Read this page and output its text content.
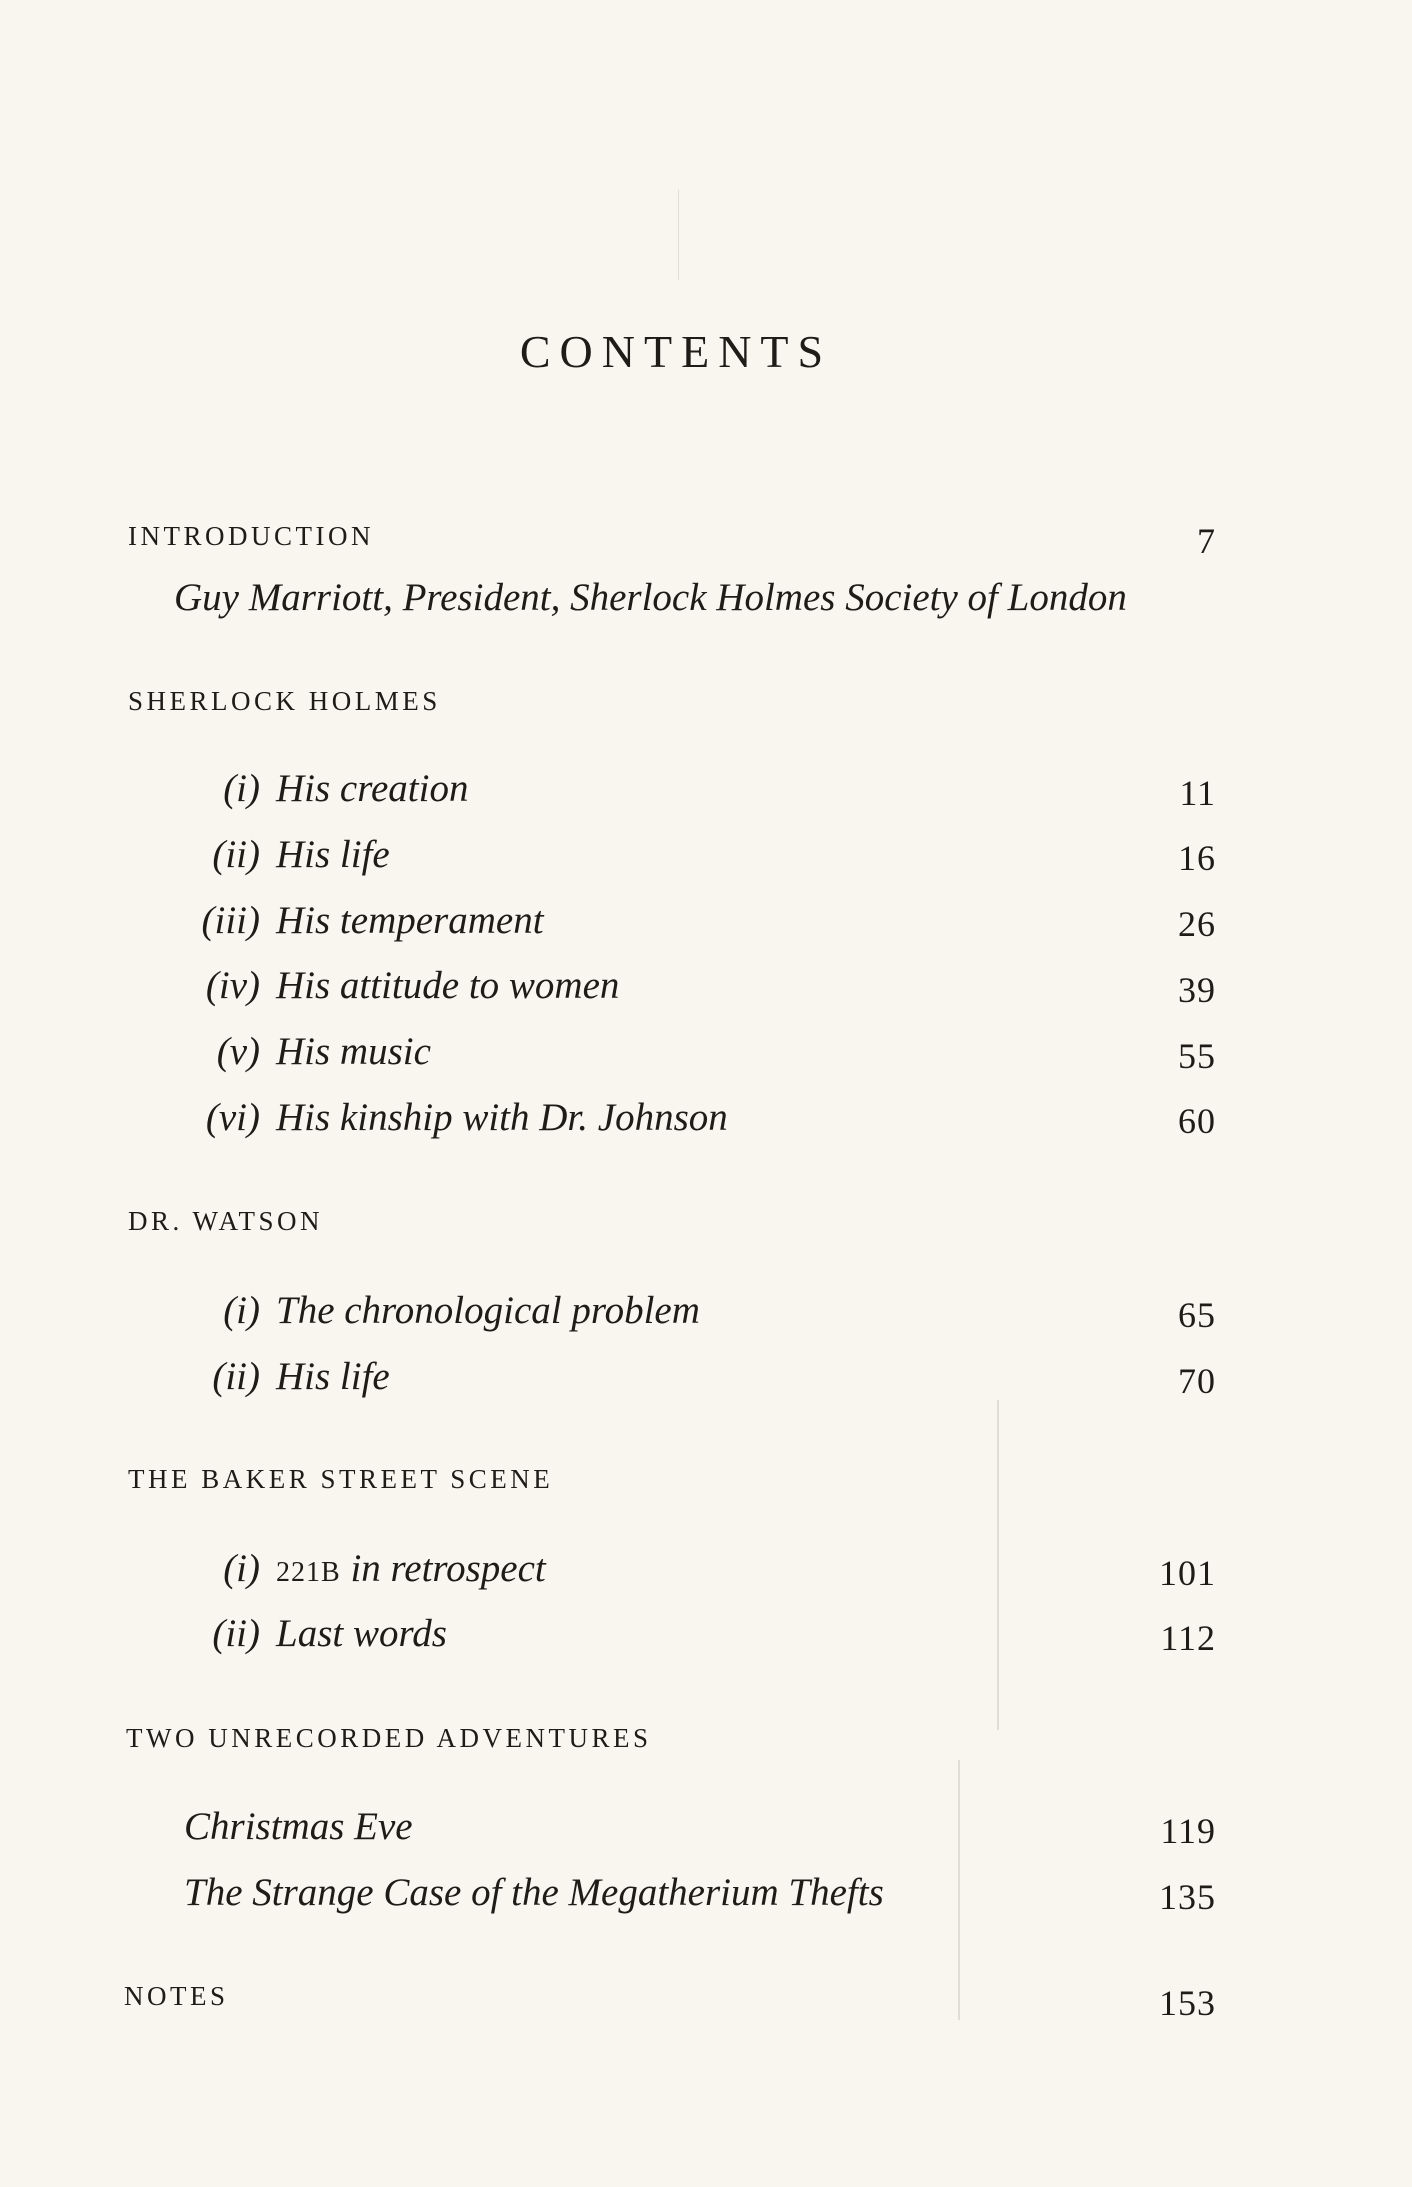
CONTENTS
INTRODUCTION	7
Guy Marriott, President, Sherlock Holmes Society of London
SHERLOCK HOLMES
(i) His creation	11
(ii) His life	16
(iii) His temperament	26
(iv) His attitude to women	39
(v) His music	55
(vi) His kinship with Dr. Johnson	60
DR. WATSON
(i) The chronological problem	65
(ii) His life	70
THE BAKER STREET SCENE
(i) 221B in retrospect	101
(ii) Last words	112
TWO UNRECORDED ADVENTURES
Christmas Eve	119
The Strange Case of the Megatherium Thefts	135
NOTES	153
